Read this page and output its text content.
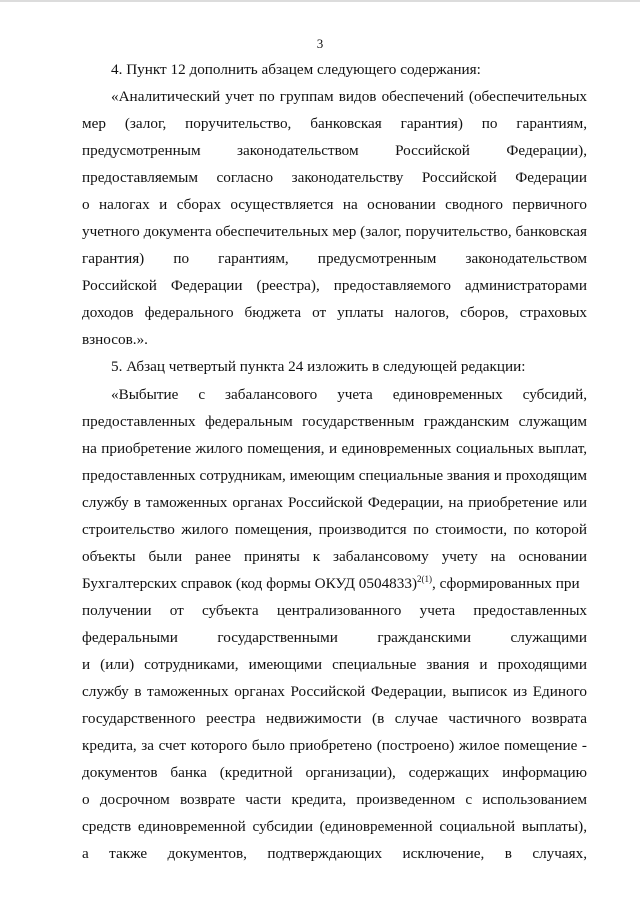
3
4. Пункт 12 дополнить абзацем следующего содержания:
«Аналитический учет по группам видов обеспечений (обеспечительных
мер (залог, поручительство, банковская гарантия) по гарантиям,
предусмотренным законодательством Российской Федерации),
предоставляемым согласно законодательству Российской Федерации
о налогах и сборах осуществляется на основании сводного первичного
учетного документа обеспечительных мер (залог, поручительство, банковская
гарантия) по гарантиям, предусмотренным законодательством
Российской Федерации (реестра), предоставляемого администраторами
доходов федерального бюджета от уплаты налогов, сборов, страховых
взносов.».
5. Абзац четвертый пункта 24 изложить в следующей редакции:
«Выбытие с забалансового учета единовременных субсидий,
предоставленных федеральным государственным гражданским служащим
на приобретение жилого помещения, и единовременных социальных выплат,
предоставленных сотрудникам, имеющим специальные звания и проходящим
службу в таможенных органах Российской Федерации, на приобретение или
строительство жилого помещения, производится по стоимости, по которой
объекты были ранее приняты к забалансовому учету на основании
Бухгалтерских справок (код формы ОКУД 0504833)$^{2(1)}$, сформированных при
получении от субъекта централизованного учета предоставленных
федеральными государственными гражданскими служащими
и (или) сотрудниками, имеющими специальные звания и проходящими
службу в таможенных органах Российской Федерации, выписок из Единого
государственного реестра недвижимости (в случае частичного возврата
кредита, за счет которого было приобретено (построено) жилое помещение -
документов банка (кредитной организации), содержащих информацию
о досрочном возврате части кредита, произведенном с использованием
средств единовременной субсидии (единовременной социальной выплаты),
а также документов, подтверждающих исключение, в случаях,
